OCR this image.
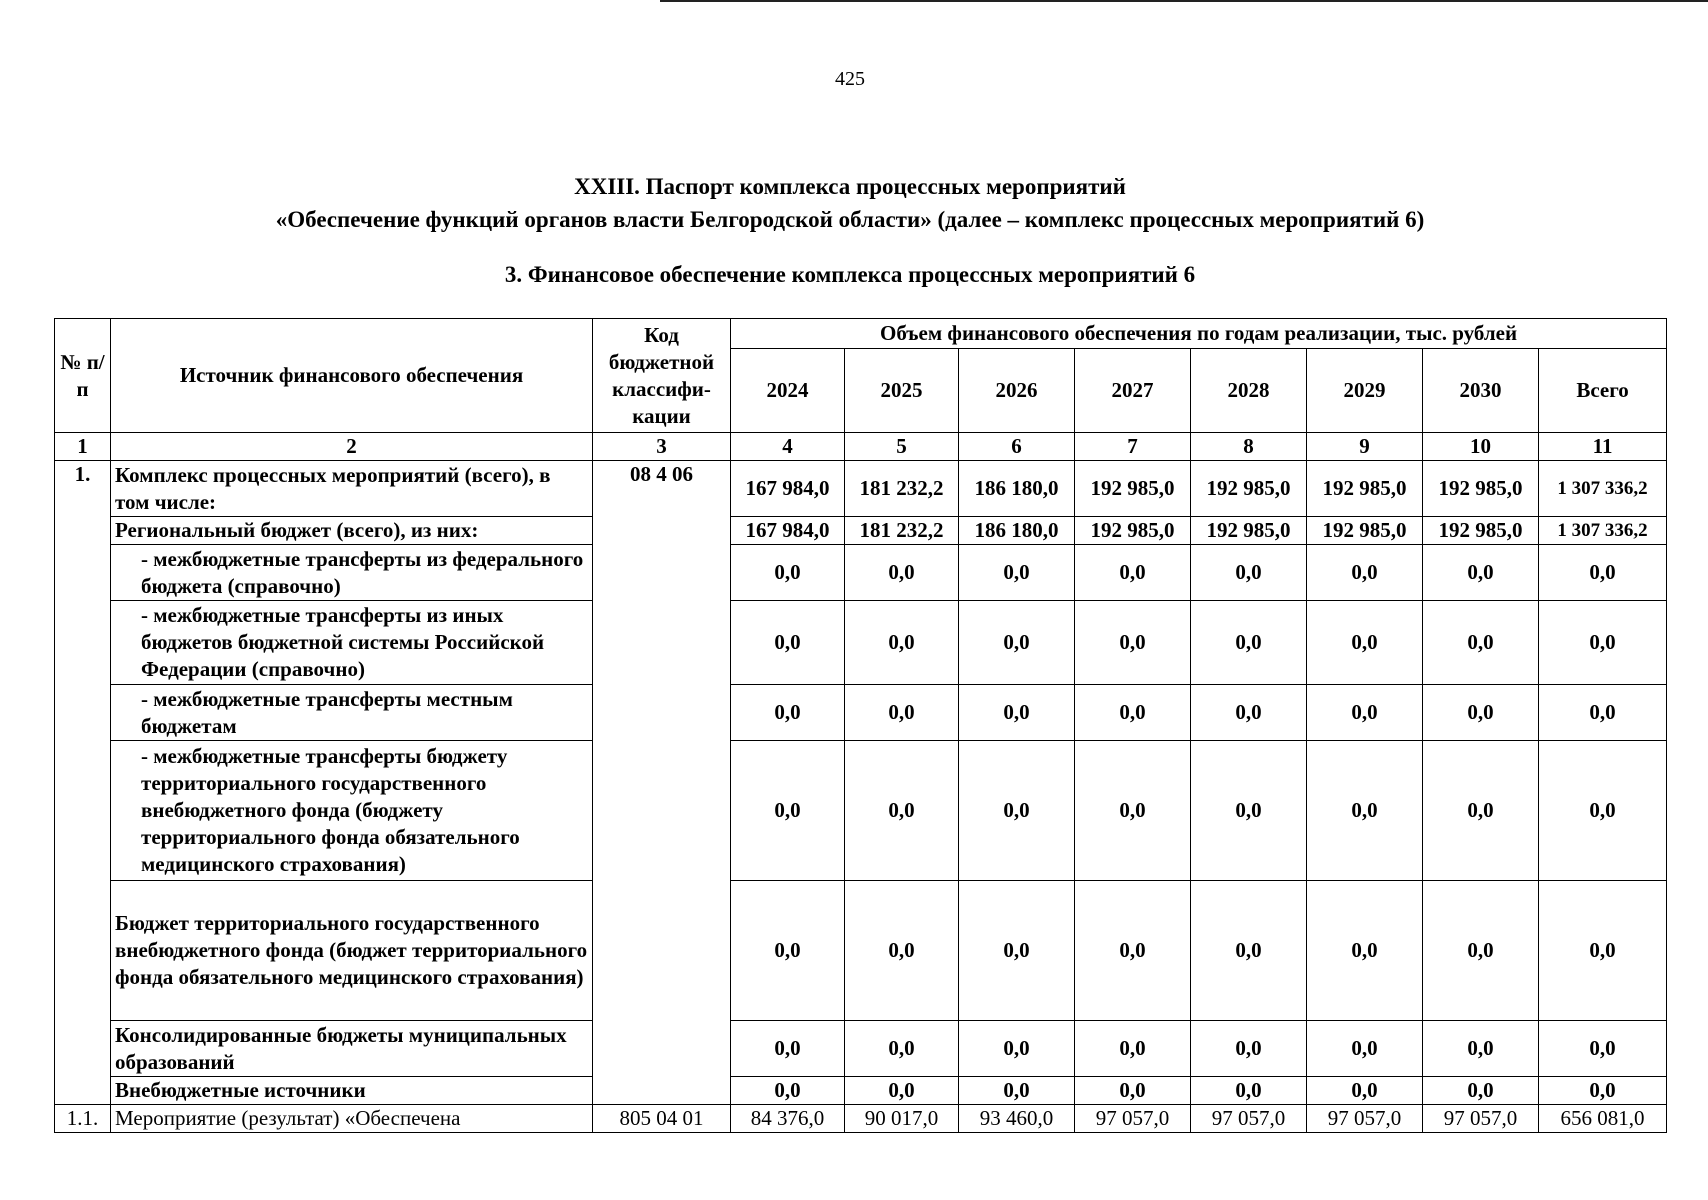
425
XXIII. Паспорт комплекса процессных мероприятий
«Обеспечение функций органов власти Белгородской области» (далее – комплекс процессных мероприятий 6)
3. Финансовое обеспечение комплекса процессных мероприятий 6
№ п/п	Источник финансового обеспечения	Код бюджетной классифи-кации	Объем финансового обеспечения по годам реализации, тыс. рублей							
			2024	2025	2026	2027	2028	2029	2030	Всего
1	2	3	4	5	6	7	8	9	10	11
1.	Комплекс процессных мероприятий (всего), в том числе:	08 4 06	167 984,0	181 232,2	186 180,0	192 985,0	192 985,0	192 985,0	192 985,0	1 307 336,2
	Региональный бюджет (всего), из них:		167 984,0	181 232,2	186 180,0	192 985,0	192 985,0	192 985,0	192 985,0	1 307 336,2
	- межбюджетные трансферты из федерального бюджета (справочно)		0,0	0,0	0,0	0,0	0,0	0,0	0,0	0,0
	- межбюджетные трансферты из иных бюджетов бюджетной системы Российской Федерации (справочно)		0,0	0,0	0,0	0,0	0,0	0,0	0,0	0,0
	- межбюджетные трансферты местным бюджетам		0,0	0,0	0,0	0,0	0,0	0,0	0,0	0,0
	- межбюджетные трансферты бюджету территориального государственного внебюджетного фонда (бюджету территориального фонда обязательного медицинского страхования)		0,0	0,0	0,0	0,0	0,0	0,0	0,0	0,0
	Бюджет территориального государственного внебюджетного фонда (бюджет территориального фонда обязательного медицинского страхования)		0,0	0,0	0,0	0,0	0,0	0,0	0,0	0,0
	Консолидированные бюджеты муниципальных образований		0,0	0,0	0,0	0,0	0,0	0,0	0,0	0,0
	Внебюджетные источники		0,0	0,0	0,0	0,0	0,0	0,0	0,0	0,0
1.1.	Мероприятие (результат) «Обеспечена	805 04 01	84 376,0	90 017,0	93 460,0	97 057,0	97 057,0	97 057,0	97 057,0	656 081,0
